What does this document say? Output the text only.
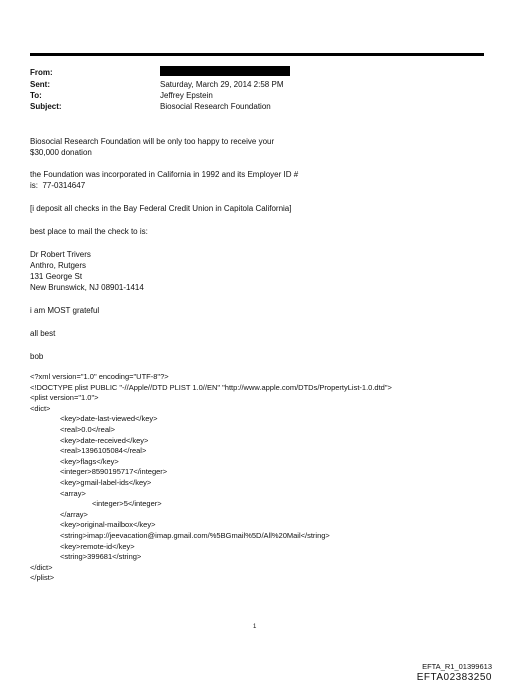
From:
Sent:
To:
Subject:
Saturday, March 29, 2014 2:58 PM
Jeffrey Epstein
Biosocial Research Foundation
Biosocial Research Foundation will be only too happy to receive your
$30,000 donation
the Foundation was incorporated in California in 1992 and its Employer ID #
is:  77-0314647
[i deposit all checks in the Bay Federal Credit Union in Capitola California]
best place to mail the check to is:
Dr Robert Trivers
Anthro, Rutgers
131 George St
New Brunswick, NJ 08901-1414
i am MOST grateful
all best
bob
<?xml version="1.0" encoding="UTF-8"?>
<!DOCTYPE plist PUBLIC "-//Apple//DTD PLIST 1.0//EN" "http://www.apple.com/DTDs/PropertyList-1.0.dtd">
<plist version="1.0">
<dict>
<key>date-last-viewed</key>
<real>0.0</real>
<key>date-received</key>
<real>1396105084</real>
<key>flags</key>
<integer>8590195717</integer>
<key>gmail-label-ids</key>
<array>
<integer>5</integer>
</array>
<key>original-mailbox</key>
<string>imap://jeevacation@imap.gmail.com/%5BGmail%5D/All%20Mail</string>
<key>remote-id</key>
<string>399681</string>
</dict>
</plist>
1
EFTA_R1_01399613
EFTA02383250
